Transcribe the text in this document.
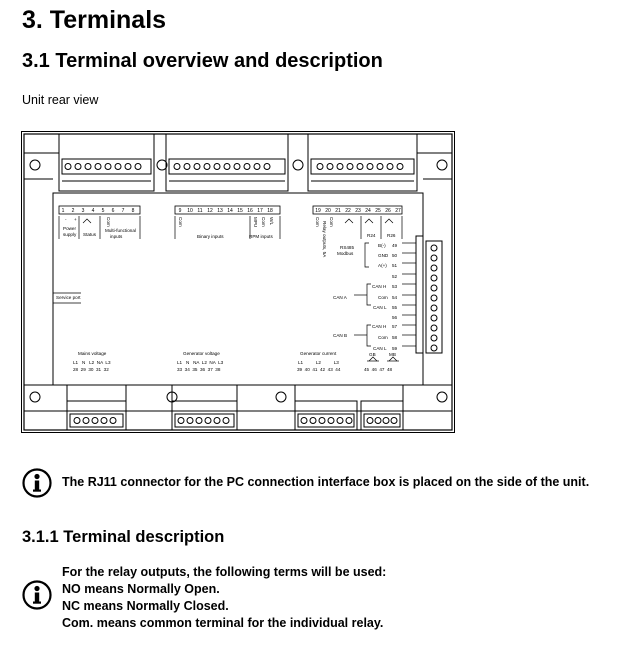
3. Terminals
3.1 Terminal overview and description
Unit rear view
1 2 3 4 5 6 7 8	9 10 11 12 13 14 15 16 17 18	19 20 21 22 23 24 25 26 27
- +	Com	Com	MPU Com W/L	Com Relay outputs, 5A
Power supply Status
Multi-functional inputs	Binary inputs	RPM inputs	R24	R26
RS485 Modbus
B(-)
GND
A(+)
CAN A
CAN H
Com
CAN L
CAN B
CAN H
Com
CAN L
Service port
Mains voltage
L1   N   L2  NA  L3
28  29  30  31  32
Generator voltage
L1   N   NA  L2  NA  L3
33  34  35  36  37  38
Generator current
L1          L2          L3
39  40  41  42  43  44
GB	MB
45  46  47  48
Com
49
50
51
52
53
54
55
56
57
58
59
The RJ11 connector for the PC connection interface box is placed on the side of the unit.
3.1.1 Terminal description
For the relay outputs, the following terms will be used:
NO means Normally Open.
NC means Normally Closed.
Com. means common terminal for the individual relay.
